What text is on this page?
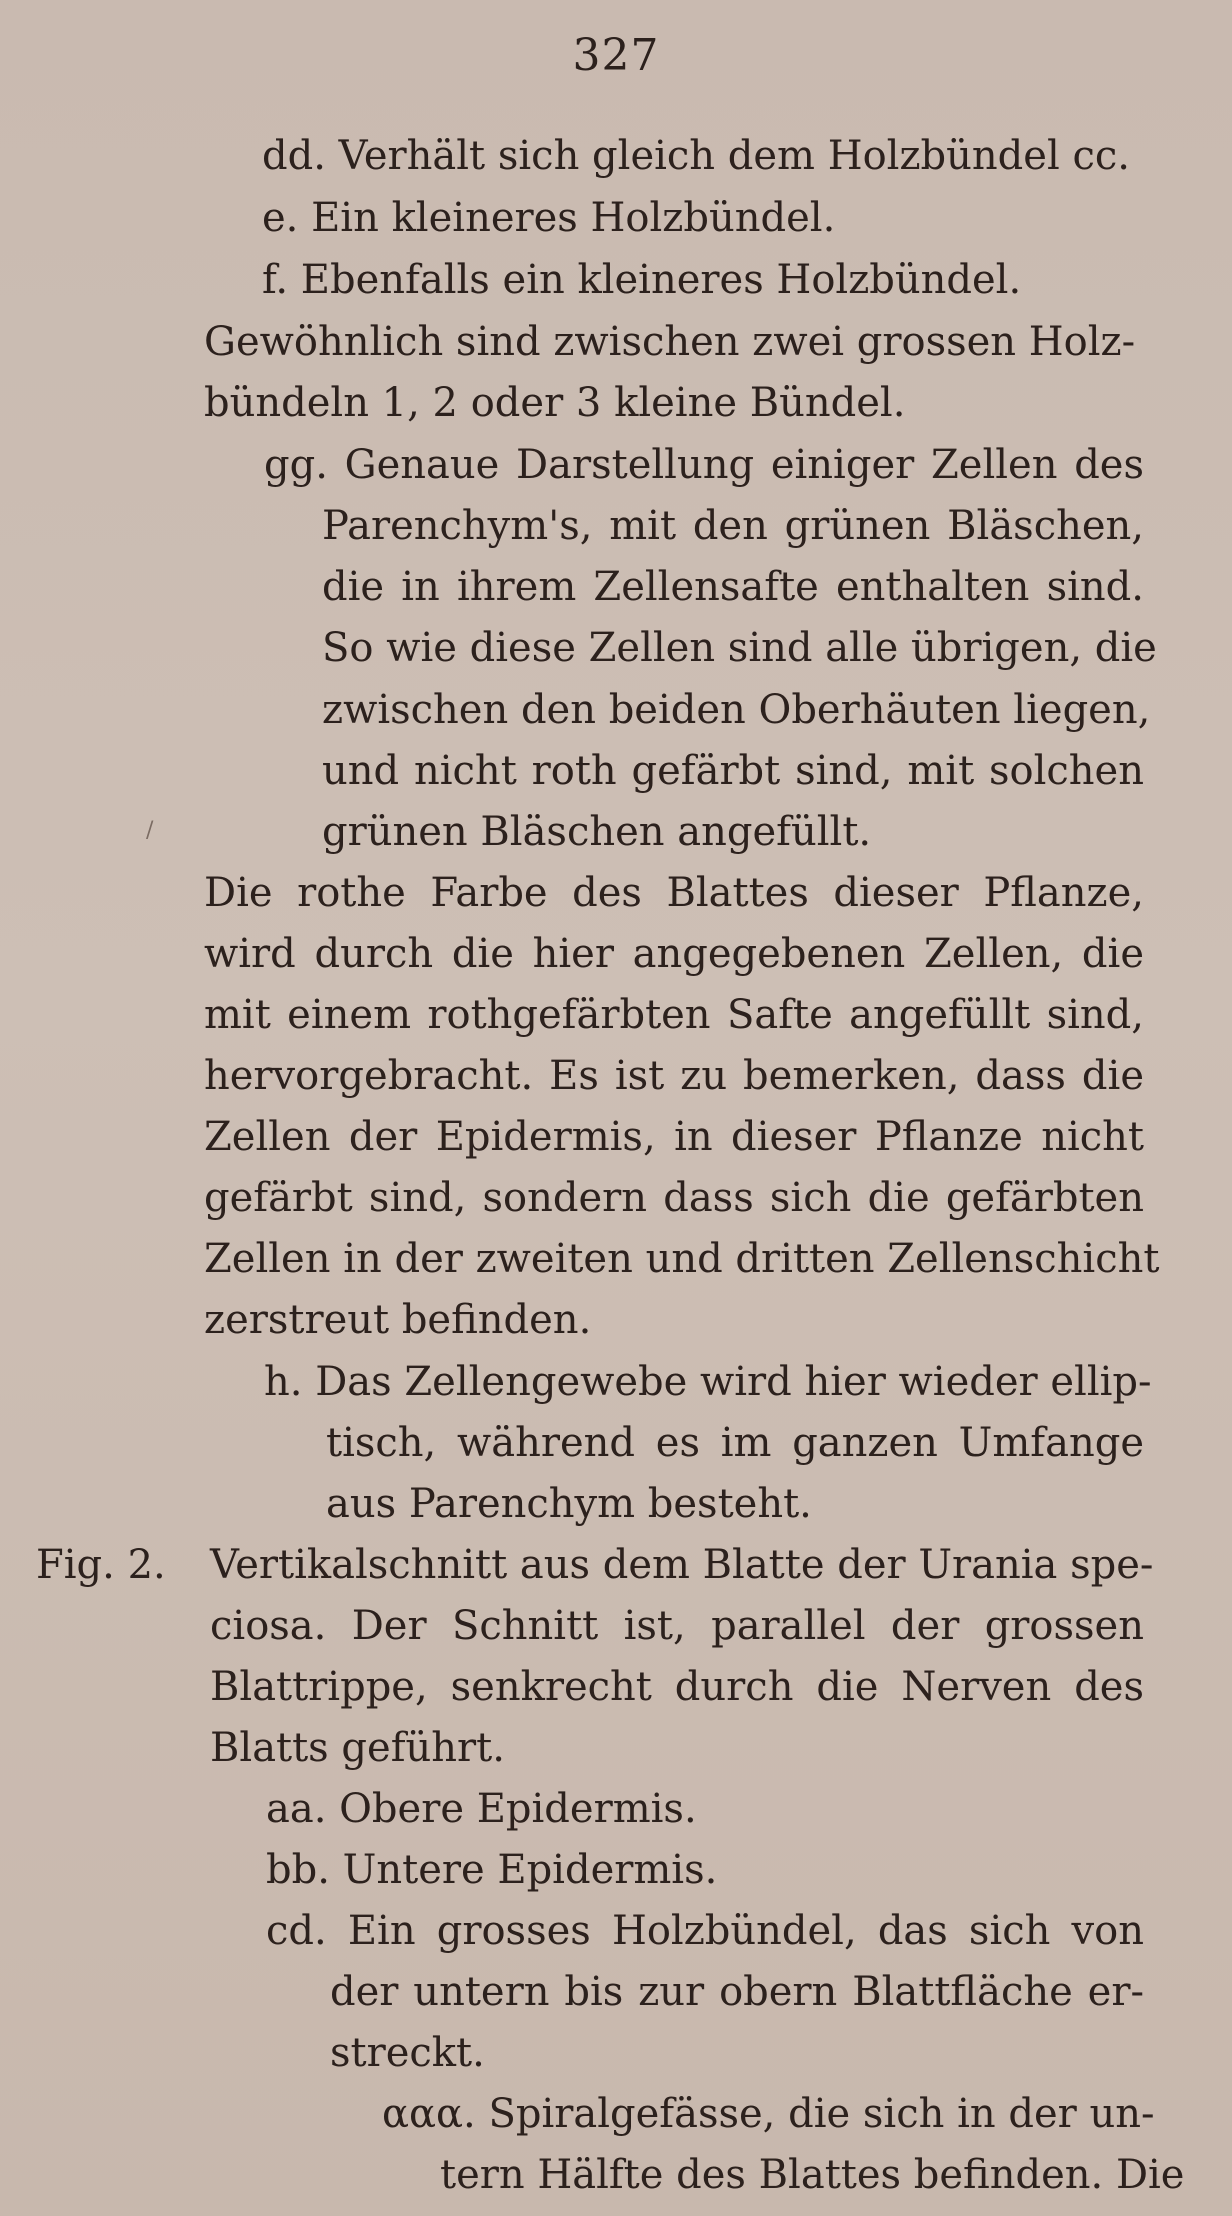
327
dd. Verhält sich gleich dem Holzbündel cc.
e. Ein kleineres Holzbündel.
f. Ebenfalls ein kleineres Holzbündel.
Gewöhnlich sind zwischen zwei grossen Holz-
bündeln 1, 2 oder 3 kleine Bündel.
gg. Genaue Darstellung einiger Zellen des
Parenchym's, mit den grünen Bläschen,
die in ihrem Zellensafte enthalten sind.
So wie diese Zellen sind alle übrigen, die
zwischen den beiden Oberhäuten liegen,
und nicht roth gefärbt sind, mit solchen
grünen Bläschen angefüllt.
Die rothe Farbe des Blattes dieser Pflanze,
wird durch die hier angegebenen Zellen, die
mit einem rothgefärbten Safte angefüllt sind,
hervorgebracht. Es ist zu bemerken, dass die
Zellen der Epidermis, in dieser Pflanze nicht
gefärbt sind, sondern dass sich die gefärbten
Zellen in der zweiten und dritten Zellenschicht
zerstreut befinden.
h. Das Zellengewebe wird hier wieder ellip-
tisch, während es im ganzen Umfange
aus Parenchym besteht.
Fig. 2. Vertikalschnitt aus dem Blatte der Urania spe-
ciosa. Der Schnitt ist, parallel der grossen
Blattrippe, senkrecht durch die Nerven des
Blatts geführt.
aa. Obere Epidermis.
bb. Untere Epidermis.
cd. Ein grosses Holzbündel, das sich von
der untern bis zur obern Blattfläche er-
streckt.
ααα. Spiralgefässe, die sich in der un-
tern Hälfte des Blattes befinden. Die
/
